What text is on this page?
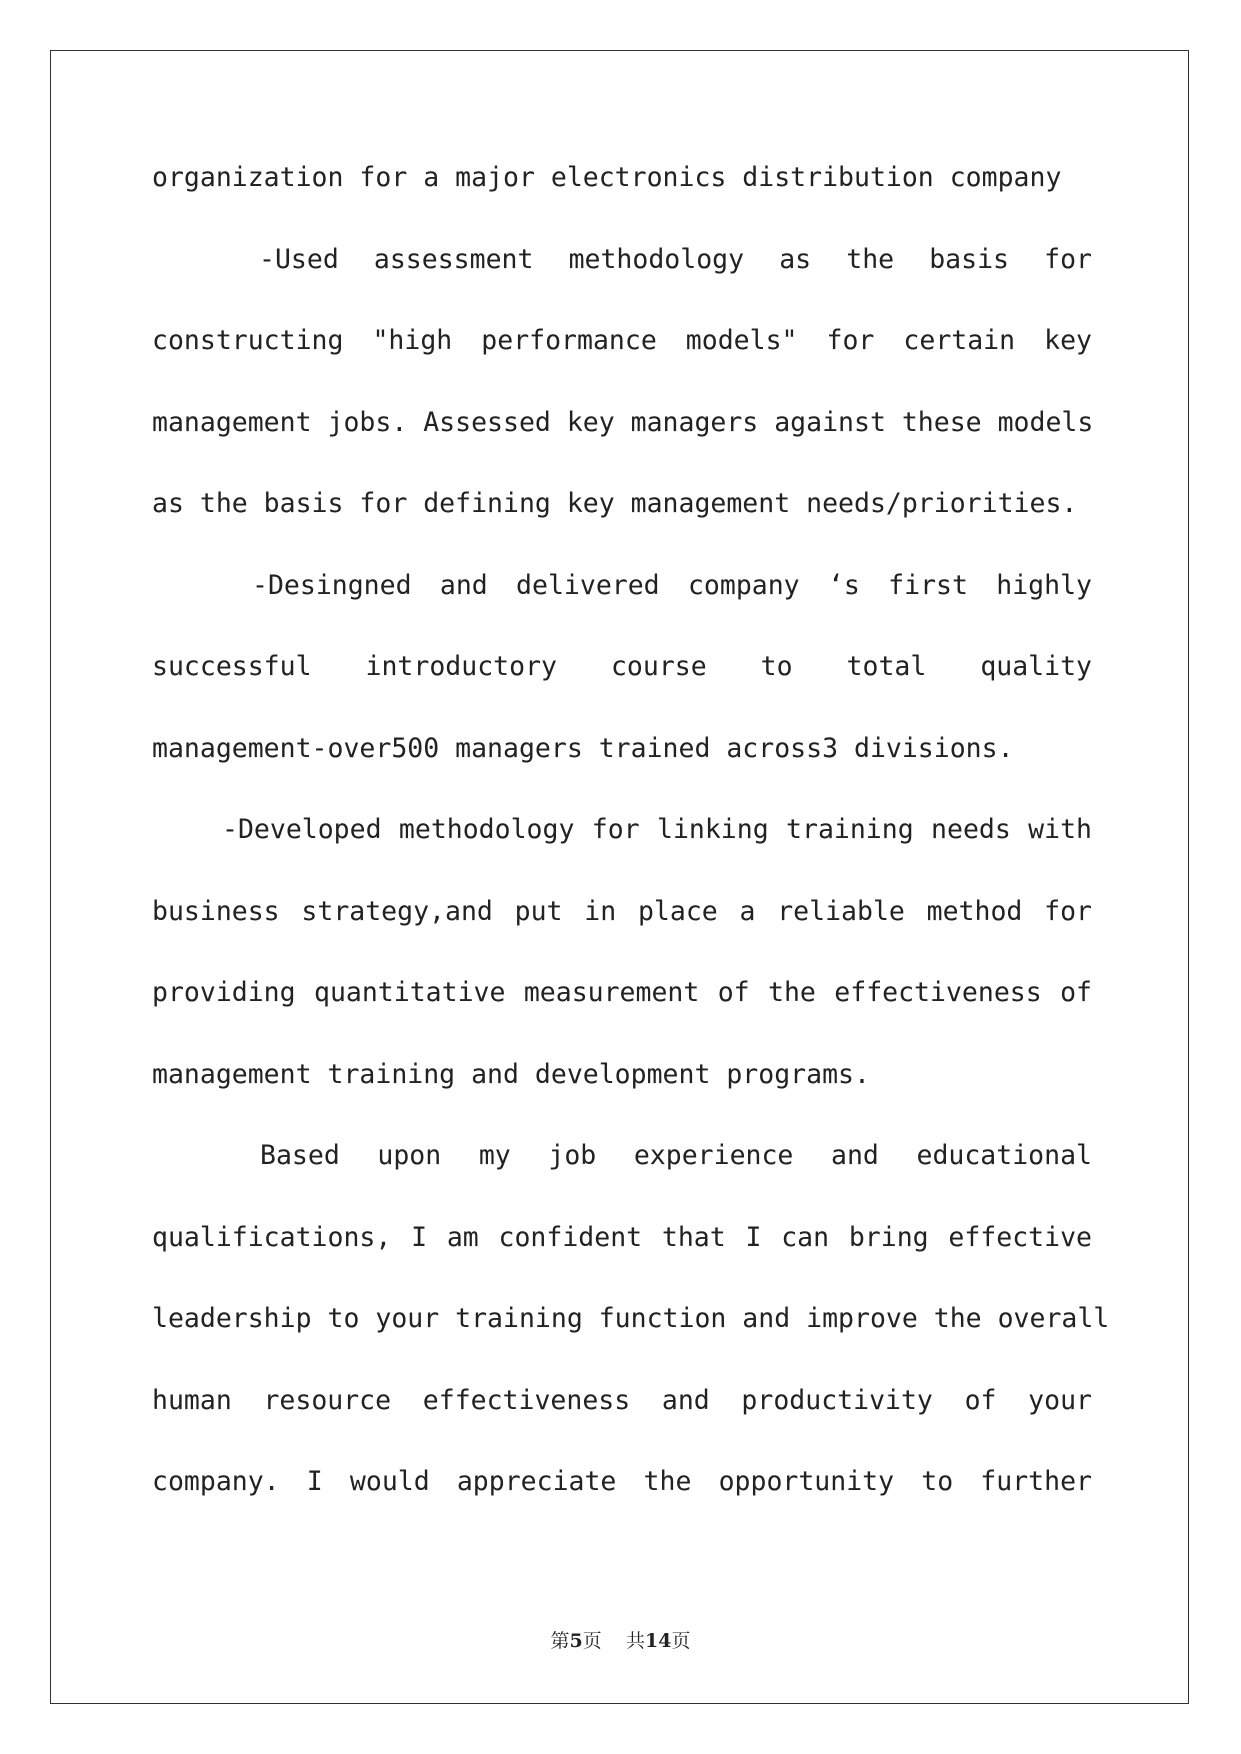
organization for a major electronics distribution company
-Used assessment methodology as the basis for
constructing "high performance models" for certain key
management jobs. Assessed key managers against these models
as the basis for defining key management needs/priorities.
-Desingned and delivered company ‘s first highly
successful introductory course to total quality
management-over500 managers trained across3 divisions.
-Developed methodology for linking training needs with
business strategy,and put in place a reliable method for
providing quantitative measurement of the effectiveness of
management training and development programs.
Based upon my job experience and educational
qualifications, I am confident that I can bring effective
leadership to your training function and improve the overall
human resource effectiveness and productivity of your
company. I would appreciate the opportunity to further
第5页 共14页
